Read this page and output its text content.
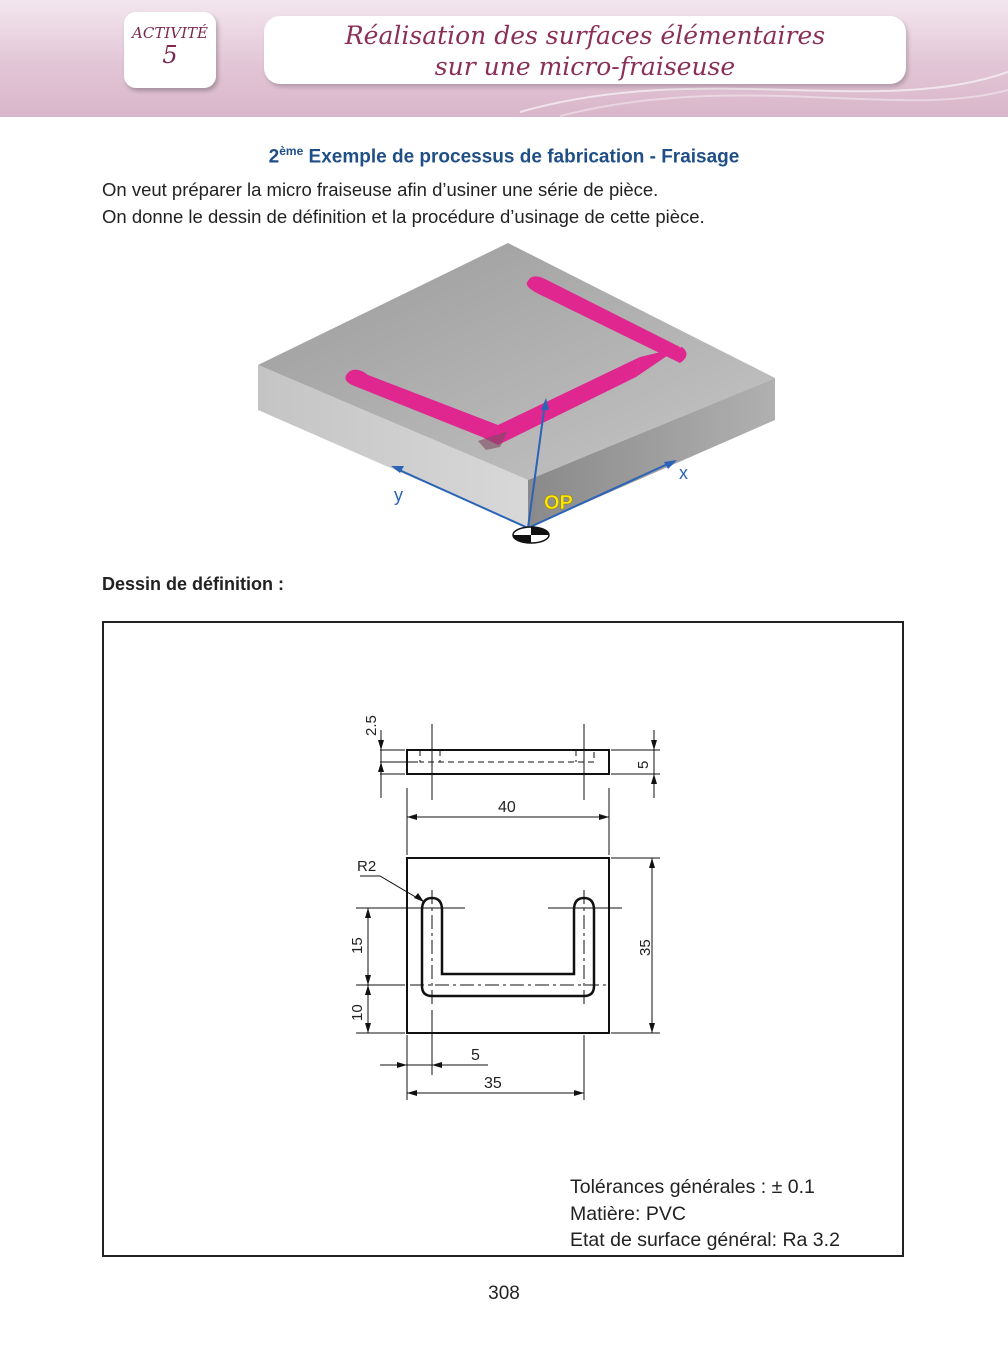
ACTIVITÉ
5
Réalisation des surfaces élémentaires
sur une micro-fraiseuse
2ème Exemple de processus de fabrication - Fraisage
On veut préparer la micro fraiseuse afin d’usiner une série de pièce.
On donne le dessin de définition et la procédure d’usinage de cette pièce.
x
y	OP
Dessin de définition :
2.5
5
40
R2
15
10
35
5
35
Tolérances générales : ± 0.1
Matière: PVC
Etat de surface général: Ra 3.2
308
